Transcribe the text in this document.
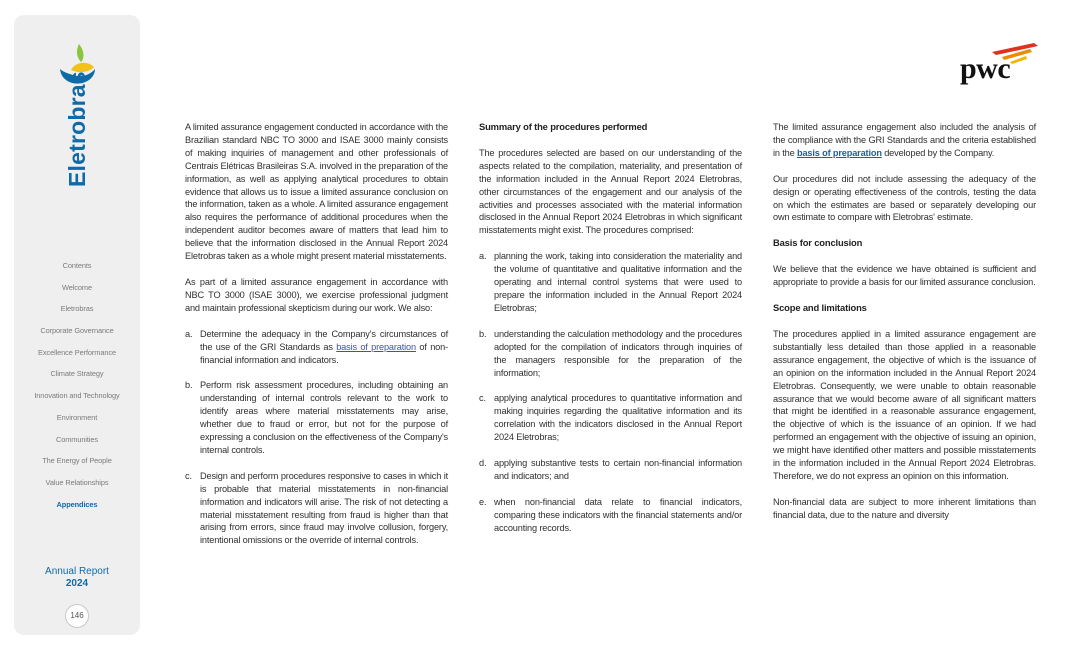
Eletrobras
Contents
Welcome
Eletrobras
Corporate Governance
Excellence Performance
Climate Strategy
Innovation and Technology
Environment
Communities
The Energy of People
Value Relationships
Appendices
Annual Report
2024
146
pwc

A limited assurance engagement conducted in accordance with the Brazilian standard NBC TO 3000 and ISAE 3000 mainly consists of making inquiries of management and other professionals of Centrais Elétricas Brasileiras S.A. involved in the preparation of the information, as well as applying analytical procedures to obtain evidence that allows us to issue a limited assurance conclusion on the information, taken as a whole. A limited assurance engagement also requires the performance of additional procedures when the independent auditor becomes aware of matters that lead him to believe that the information disclosed in the Annual Report 2024 Eletrobras taken as a whole might present material misstatements.

As part of a limited assurance engagement in accordance with NBC TO 3000 (ISAE 3000), we exercise professional judgment and maintain professional skepticism during our work. We also:

a. Determine the adequacy in the Company's circumstances of the use of the GRI Standards as basis of preparation of non-financial information and indicators.
b. Perform risk assessment procedures, including obtaining an understanding of internal controls relevant to the work to identify areas where material misstatements may arise, whether due to fraud or error, but not for the purpose of expressing a conclusion on the effectiveness of the Company's internal controls.
c. Design and perform procedures responsive to cases in which it is probable that material misstatements in non-financial information and indicators will arise. The risk of not detecting a material misstatement resulting from fraud is higher than that arising from errors, since fraud may involve collusion, forgery, intentional omissions or the override of internal controls.
Summary of the procedures performed

The procedures selected are based on our understanding of the aspects related to the compilation, materiality, and presentation of the information included in the Annual Report 2024 Eletrobras, other circumstances of the engagement and our analysis of the activities and processes associated with the material information disclosed in the Annual Report 2024 Eletrobras in which significant misstatements might exist. The procedures comprised:

a. planning the work, taking into consideration the materiality and the volume of quantitative and qualitative information and the operating and internal control systems that were used to prepare the information included in the Annual Report 2024 Eletrobras;
b. understanding the calculation methodology and the procedures adopted for the compilation of indicators through inquiries of the managers responsible for the preparation of the information;
c. applying analytical procedures to quantitative information and making inquiries regarding the qualitative information and its correlation with the indicators disclosed in the Annual Report 2024 Eletrobras;
d. applying substantive tests to certain non-financial information and indicators; and
e. when non-financial data relate to financial indicators, comparing these indicators with the financial statements and/or accounting records.

The limited assurance engagement also included the analysis of the compliance with the GRI Standards and the criteria established in the basis of preparation developed by the Company.

Our procedures did not include assessing the adequacy of the design or operating effectiveness of the controls, testing the data on which the estimates are based or separately developing our own estimate to compare with Eletrobras' estimate.

Basis for conclusion

We believe that the evidence we have obtained is sufficient and appropriate to provide a basis for our limited assurance conclusion.

Scope and limitations

The procedures applied in a limited assurance engagement are substantially less detailed than those applied in a reasonable assurance engagement, the objective of which is the issuance of an opinion on the information included in the Annual Report 2024 Eletrobras. Consequently, we were unable to obtain reasonable assurance that we would become aware of all significant matters that might be identified in a reasonable assurance engagement, the objective of which is the issuance of an opinion. If we had performed an engagement with the objective of issuing an opinion, we might have identified other matters and possible misstatements in the information included in the Annual Report 2024 Eletrobras. Therefore, we do not express an opinion on this information.

Non-financial data are subject to more inherent limitations than financial data, due to the nature and diversity
